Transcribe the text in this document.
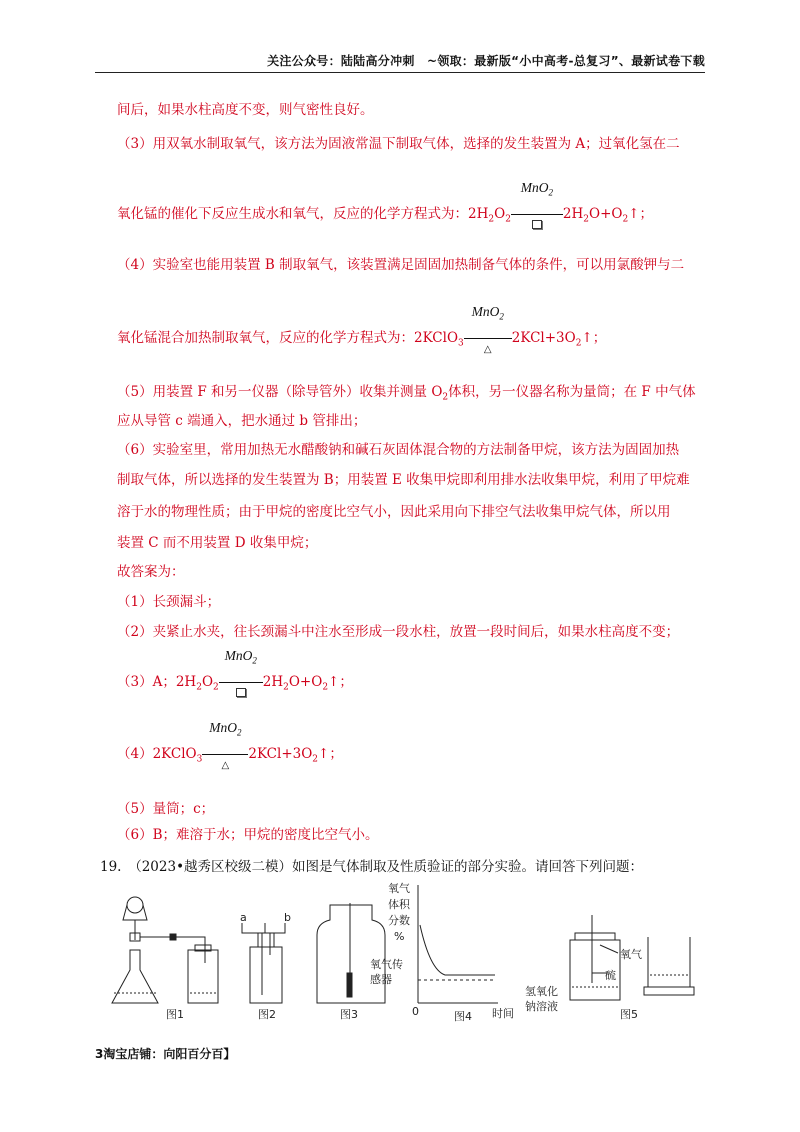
关注公众号：陆陆高分冲刺　~领取：最新版“小中高考-总复习”、最新试卷下载
间后，如果水柱高度不变，则气密性良好。
（3）用双氧水制取氧气，该方法为固液常温下制取气体，选择的发生装置为 A；过氧化氢在二
氧化锰的催化下反应生成水和氧气，反应的化学方程式为：$2H_2O_2$
MnO$_2$
$2H_2O+O_2↑$；
（4）实验室也能用装置 B 制取氧气，该装置满足固固加热制备气体的条件，可以用氯酸钾与二
氧化锰混合加热制取氧气，反应的化学方程式为：2KClO$_3$
MnO$_2$
△
$2KCl+3O_2↑$；
（5）用装置 F 和另一仪器（除导管外）收集并测量 $O_2$体积，另一仪器名称为量筒；在 F 中气体
应从导管 c 端通入，把水通过 b 管排出；
（6）实验室里，常用加热无水醋酸钠和碱石灰固体混合物的方法制备甲烷，该方法为固固加热
制取气体，所以选择的发生装置为 B；用装置 E 收集甲烷即利用排水法收集甲烷，利用了甲烷难
溶于水的物理性质；由于甲烷的密度比空气小，因此采用向下排空气法收集甲烷气体，所以用
装置 C 而不用装置 D 收集甲烷；
故答案为：
（1）长颈漏斗；
（2）夹紧止水夹，往长颈漏斗中注水至形成一段水柱，放置一段时间后，如果水柱高度不变；
（3）A；$2H_2O_2$
MnO$_2$
$2H_2O+O_2↑$；
（4）2KClO$_3$
MnO$_2$
△
$2KCl+3O_2↑$；
（5）量筒；c；
（6）B；难溶于水；甲烷的密度比空气小。
19.　（2023•越秀区校级二模）如图是气体制取及性质验证的部分实验。请回答下列问题：
图1
a	b
图2	图3
氧气传
感器
氧气
体积
分数
%
0	时间
图4
氧气
硫
氢氧化
钠溶液
图5
3淘宝店铺：向阳百分百】
